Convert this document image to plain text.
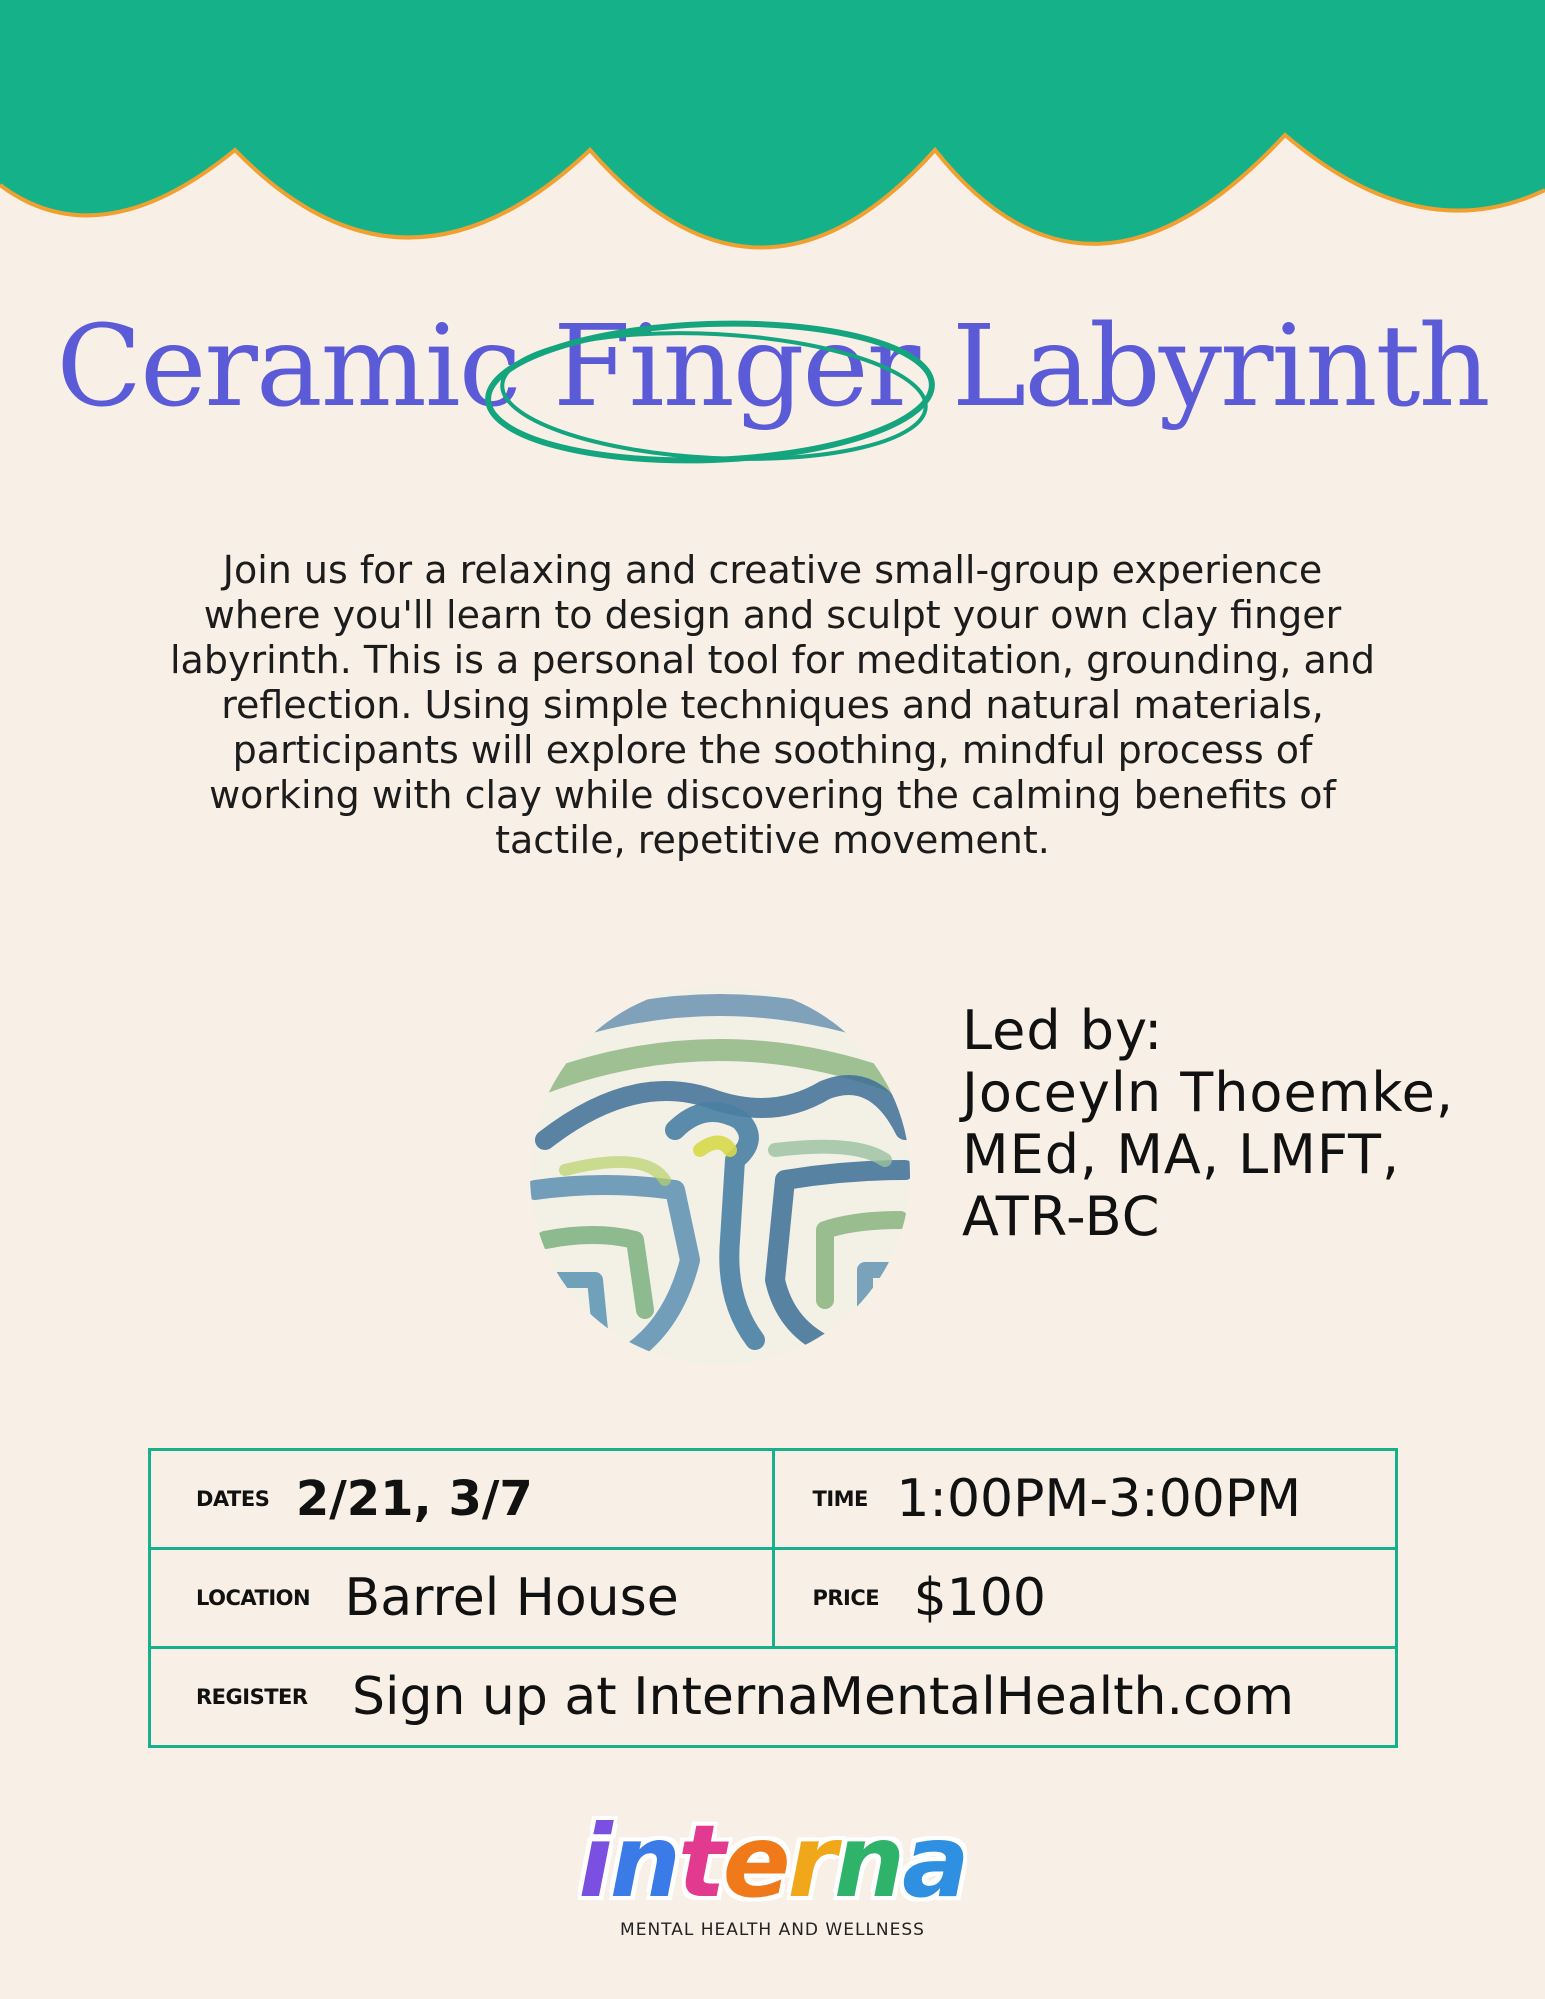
Ceramic Finger Labyrinth

Join us for a relaxing and creative small-group experience where you'll learn to design and sculpt your own clay finger labyrinth. This is a personal tool for meditation, grounding, and reflection. Using simple techniques and natural materials, participants will explore the soothing, mindful process of working with clay while discovering the calming benefits of tactile, repetitive movement.

Led by:
Joceyln Thoemke,
MEd, MA, LMFT,
ATR-BC
DATES 2/21, 3/7	TIME 1:00PM-3:00PM
LOCATION Barrel House	PRICE $100
REGISTER Sign up at InternaMentalHealth.com	
interna
MENTAL HEALTH AND WELLNESS
